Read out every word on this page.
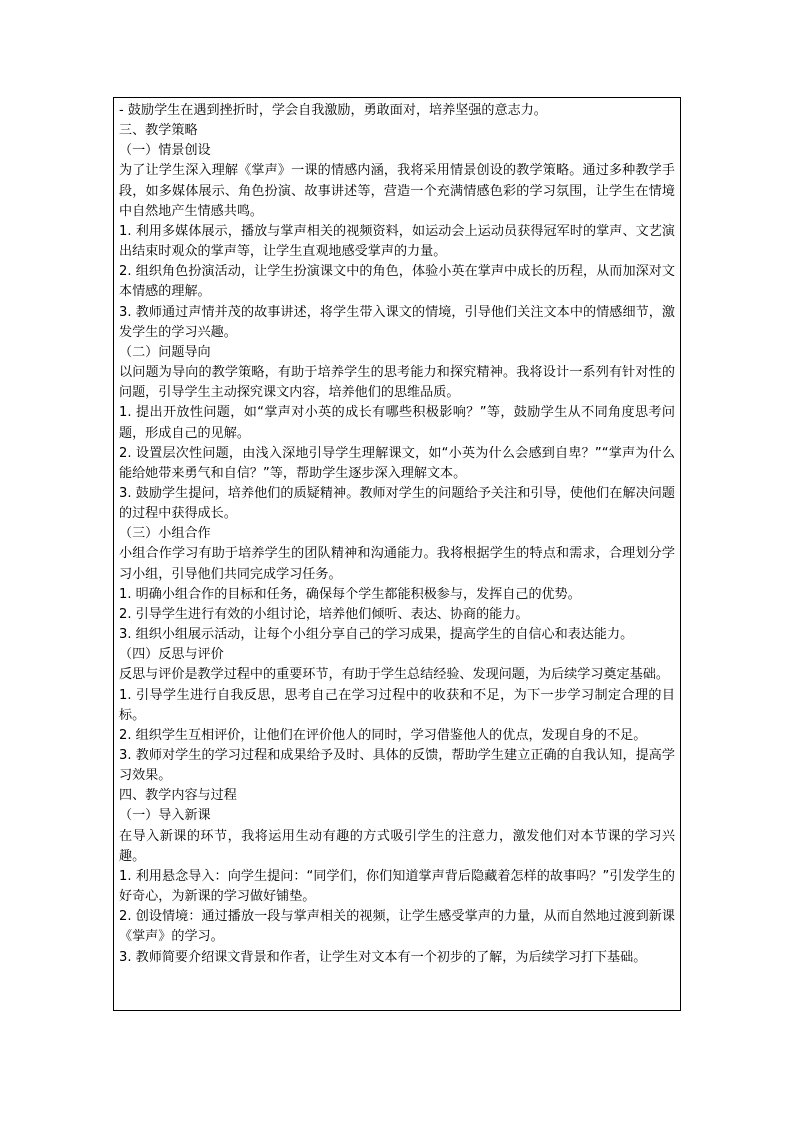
- 鼓励学生在遇到挫折时，学会自我激励，勇敢面对，培养坚强的意志力。
三、教学策略
（一）情景创设
为了让学生深入理解《掌声》一课的情感内涵，我将采用情景创设的教学策略。通过多种教学手段，如多媒体展示、角色扮演、故事讲述等，营造一个充满情感色彩的学习氛围，让学生在情境中自然地产生情感共鸣。
1. 利用多媒体展示，播放与掌声相关的视频资料，如运动会上运动员获得冠军时的掌声、文艺演出结束时观众的掌声等，让学生直观地感受掌声的力量。
2. 组织角色扮演活动，让学生扮演课文中的角色，体验小英在掌声中成长的历程，从而加深对文本情感的理解。
3. 教师通过声情并茂的故事讲述，将学生带入课文的情境，引导他们关注文本中的情感细节，激发学生的学习兴趣。
（二）问题导向
以问题为导向的教学策略，有助于培养学生的思考能力和探究精神。我将设计一系列有针对性的问题，引导学生主动探究课文内容，培养他们的思维品质。
1. 提出开放性问题，如“掌声对小英的成长有哪些积极影响？”等，鼓励学生从不同角度思考问题，形成自己的见解。
2. 设置层次性问题，由浅入深地引导学生理解课文，如“小英为什么会感到自卑？”“掌声为什么能给她带来勇气和自信？”等，帮助学生逐步深入理解文本。
3. 鼓励学生提问，培养他们的质疑精神。教师对学生的问题给予关注和引导，使他们在解决问题的过程中获得成长。
（三）小组合作
小组合作学习有助于培养学生的团队精神和沟通能力。我将根据学生的特点和需求，合理划分学习小组，引导他们共同完成学习任务。
1. 明确小组合作的目标和任务，确保每个学生都能积极参与，发挥自己的优势。
2. 引导学生进行有效的小组讨论，培养他们倾听、表达、协商的能力。
3. 组织小组展示活动，让每个小组分享自己的学习成果，提高学生的自信心和表达能力。
（四）反思与评价
反思与评价是教学过程中的重要环节，有助于学生总结经验、发现问题，为后续学习奠定基础。
1. 引导学生进行自我反思，思考自己在学习过程中的收获和不足，为下一步学习制定合理的目标。
2. 组织学生互相评价，让他们在评价他人的同时，学习借鉴他人的优点，发现自身的不足。
3. 教师对学生的学习过程和成果给予及时、具体的反馈，帮助学生建立正确的自我认知，提高学习效果。
四、教学内容与过程
（一）导入新课
在导入新课的环节，我将运用生动有趣的方式吸引学生的注意力，激发他们对本节课的学习兴趣。
1. 利用悬念导入：向学生提问：“同学们，你们知道掌声背后隐藏着怎样的故事吗？”引发学生的好奇心，为新课的学习做好铺垫。
2. 创设情境：通过播放一段与掌声相关的视频，让学生感受掌声的力量，从而自然地过渡到新课《掌声》的学习。
3. 教师简要介绍课文背景和作者，让学生对文本有一个初步的了解，为后续学习打下基础。
